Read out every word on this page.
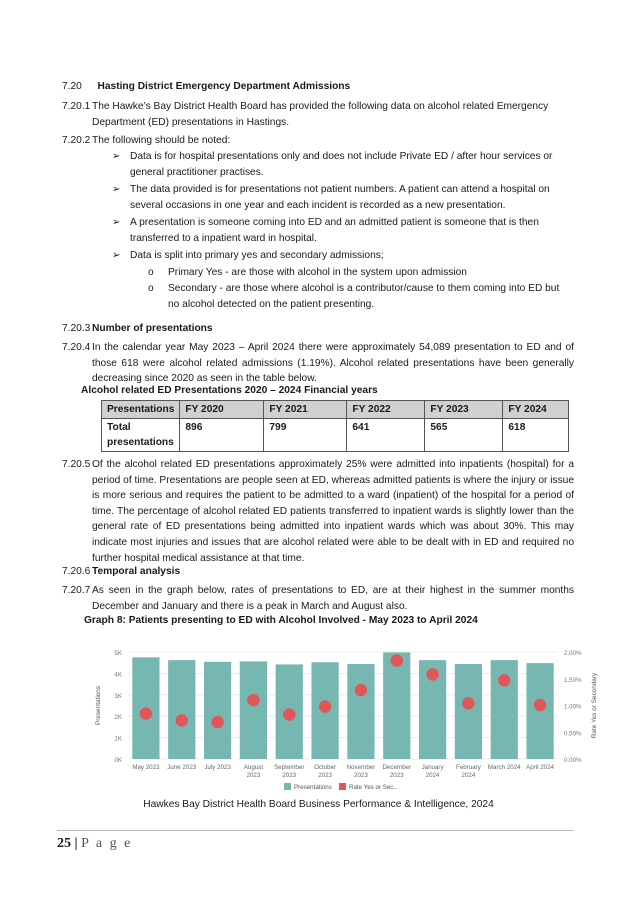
7.20 Hasting District Emergency Department Admissions
7.20.1 The Hawke’s Bay District Health Board has provided the following data on alcohol related Emergency Department (ED) presentations in Hastings.
7.20.2 The following should be noted:
➢ Data is for hospital presentations only and does not include Private ED / after hour services or general practitioner practises.
➢ The data provided is for presentations not patient numbers. A patient can attend a hospital on several occasions in one year and each incident is recorded as a new presentation.
➢ A presentation is someone coming into ED and an admitted patient is someone that is then transferred to a inpatient ward in hospital.
➢ Data is split into primary yes and secondary admissions;
o	Primary Yes - are those with alcohol in the system upon admission
o	Secondary - are those where alcohol is a contributor/cause to them coming into ED but no alcohol detected on the patient presenting.
7.20.3 Number of presentations
7.20.4 In the calendar year May 2023 – April 2024 there were approximately 54,089 presentation to ED and of those 618 were alcohol related admissions (1.19%). Alcohol related presentations have been generally decreasing since 2020 as seen in the table below.
Alcohol related ED Presentations 2020 – 2024 Financial years
Presentations	FY 2020	FY 2021	FY 2022	FY 2023	FY 2024
Total presentations	896	799	641	565	618
7.20.5 Of the alcohol related ED presentations approximately 25% were admitted into inpatients (hospital) for a period of time. Presentations are people seen at ED, whereas admitted patients is where the injury or issue is more serious and requires the patient to be admitted to a ward (inpatient) of the hospital for a period of time. The percentage of alcohol related ED patients transferred to inpatient wards is slightly lower than the general rate of ED presentations being admitted into inpatient wards which was about 30%. This may indicate most injuries and issues that are alcohol related were able to be dealt with in ED and required no further hospital medical assistance at that time.
7.20.6 Temporal analysis
7.20.7 As seen in the graph below, rates of presentations to ED, are at their highest in the summer months December and January and there is a peak in March and August also.
Graph 8: Patients presenting to ED with Alcohol Involved - May 2023 to April 2024
0K
1K
2K
3K
4K
5K
0.00%
0.50%
1.00%
1.50%
2.00%
Presentations	Rate Yes or Secondary
May 2023 June 2023 July 2023 August 2023
September 2023
October 2023
November 2023
December 2023
January 2024
February 2024
March 2024 April 2024
Presentations	Rate Yes or Sec..
Hawkes Bay District Health Board Business Performance & Intelligence, 2024
25 | P a g e
